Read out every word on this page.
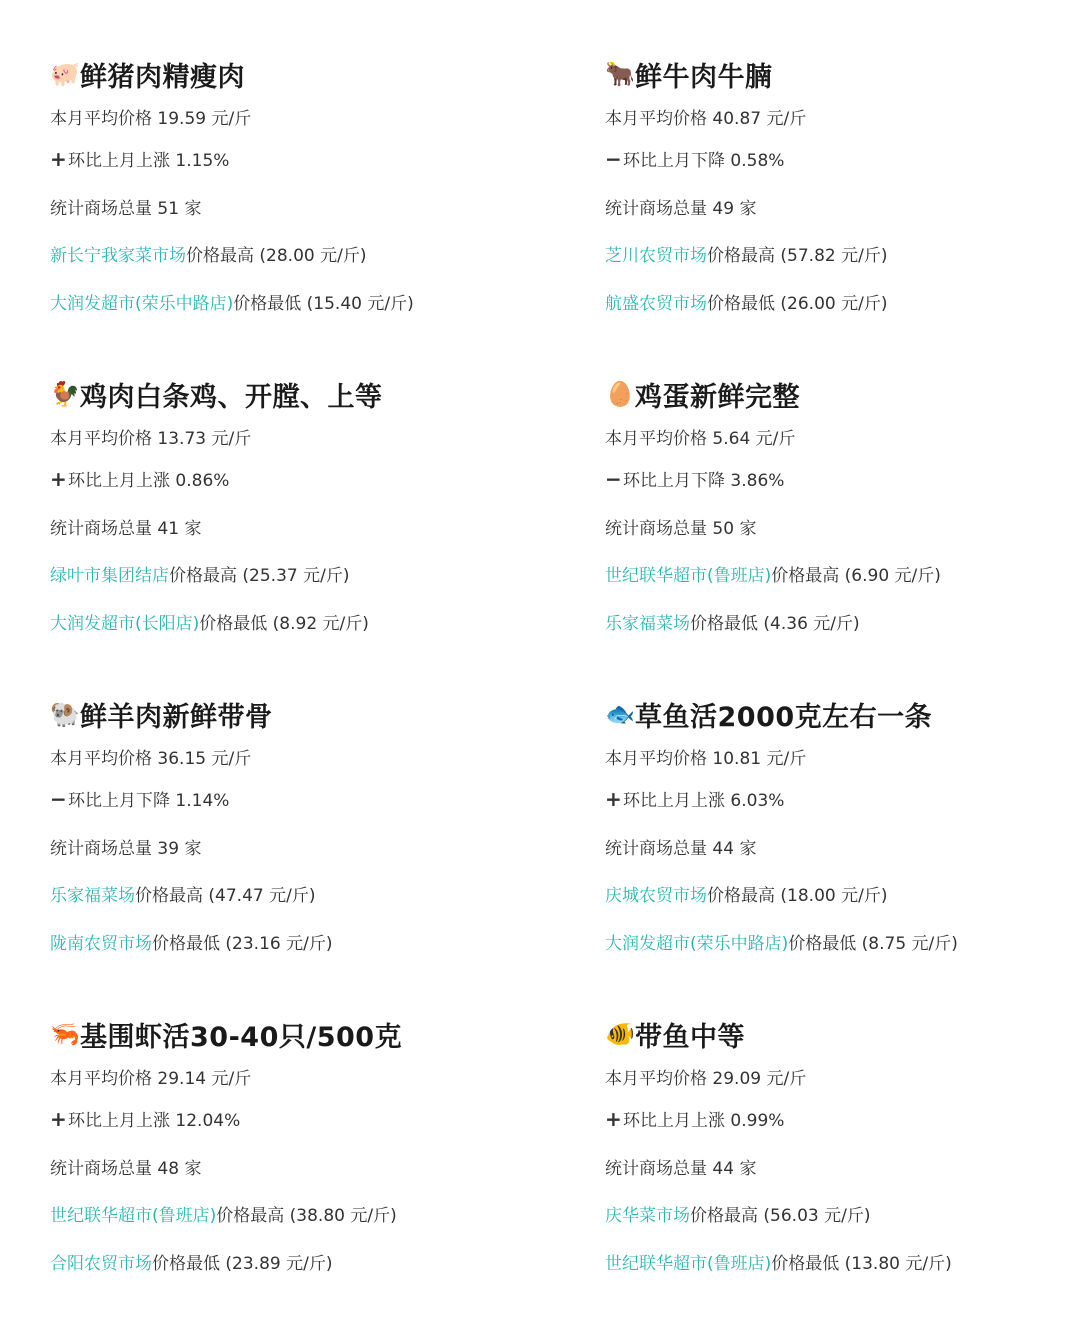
🐖 鲜猪肉精瘦肉
本月平均价格 19.59 元/斤
+ 环比上月上涨 1.15%
统计商场总量 51 家
新长宁我家菜市场 价格最高 (28.00 元/斤)
大润发超市(荣乐中路店) 价格最低 (15.40 元/斤)
🐂 鲜牛肉牛腩
本月平均价格 40.87 元/斤
− 环比上月下降 0.58%
统计商场总量 49 家
芝川农贸市场 价格最高 (57.82 元/斤)
航盛农贸市场 价格最低 (26.00 元/斤)
🐓 鸡肉白条鸡、开膛、上等
本月平均价格 13.73 元/斤
+ 环比上月上涨 0.86%
统计商场总量 41 家
绿叶市集团结店 价格最高 (25.37 元/斤)
大润发超市(长阳店) 价格最低 (8.92 元/斤)
🥚 鸡蛋新鲜完整
本月平均价格 5.64 元/斤
− 环比上月下降 3.86%
统计商场总量 50 家
世纪联华超市(鲁班店) 价格最高 (6.90 元/斤)
乐家福菜场 价格最低 (4.36 元/斤)
🐏 鲜羊肉新鲜带骨
本月平均价格 36.15 元/斤
− 环比上月下降 1.14%
统计商场总量 39 家
乐家福菜场 价格最高 (47.47 元/斤)
陇南农贸市场 价格最低 (23.16 元/斤)
🐟 草鱼活2000克左右一条
本月平均价格 10.81 元/斤
+ 环比上月上涨 6.03%
统计商场总量 44 家
庆城农贸市场 价格最高 (18.00 元/斤)
大润发超市(荣乐中路店) 价格最低 (8.75 元/斤)
🦐 基围虾活30-40只/500克
本月平均价格 29.14 元/斤
+ 环比上月上涨 12.04%
统计商场总量 48 家
世纪联华超市(鲁班店) 价格最高 (38.80 元/斤)
合阳农贸市场 价格最低 (23.89 元/斤)
🐠 带鱼中等
本月平均价格 29.09 元/斤
+ 环比上月上涨 0.99%
统计商场总量 44 家
庆华菜市场 价格最高 (56.03 元/斤)
世纪联华超市(鲁班店) 价格最低 (13.80 元/斤)
